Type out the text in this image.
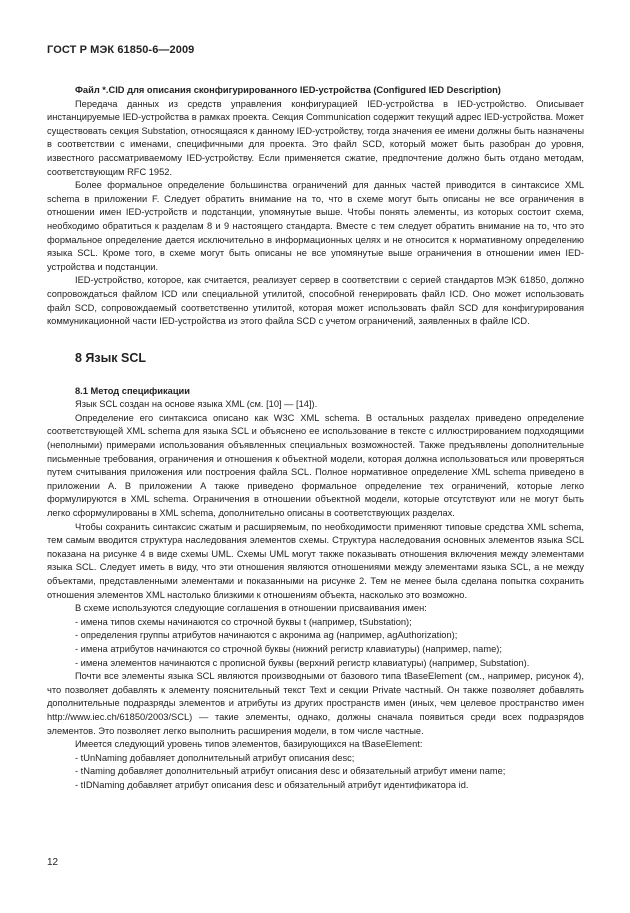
ГОСТ Р МЭК 61850-6—2009

Файл *.CID для описания сконфигурированного IED-устройства (Configured IED Description)

Передача данных из средств управления конфигурацией IED-устройства в IED-устройство. Описывает инстанцируемые IED-устройства в рамках проекта. Секция Communication содержит текущий адрес IED-устройства. Может существовать секция Substation, относящаяся к данному IED-устройству, тогда значения ее имени должны быть назначены в соответствии с именами, специфичными для проекта. Это файл SCD, который может быть разобран до уровня, известного рассматриваемому IED-устройству. Если применяется сжатие, предпочтение должно быть отдано методам, соответствующим RFC 1952.

Более формальное определение большинства ограничений для данных частей приводится в синтаксисе XML schema в приложении F. Следует обратить внимание на то, что в схеме могут быть описаны не все ограничения в отношении имен IED-устройств и подстанции, упомянутые выше. Чтобы понять элементы, из которых состоит схема, необходимо обратиться к разделам 8 и 9 настоящего стандарта. Вместе с тем следует обратить внимание на то, что это формальное определение дается исключительно в информационных целях и не относится к нормативному определению языка SCL. Кроме того, в схеме могут быть описаны не все упомянутые выше ограничения в отношении имен IED-устройства и подстанции.

IED-устройство, которое, как считается, реализует сервер в соответствии с серией стандартов МЭК 61850, должно сопровождаться файлом ICD или специальной утилитой, способной генерировать файл ICD. Оно может использовать файл SCD, сопровождаемый соответственно утилитой, которая может использовать файл SCD для конфигурирования коммуникационной части IED-устройства из этого файла SCD с учетом ограничений, заявленных в файле ICD.

8 Язык SCL

8.1 Метод спецификации

Язык SCL создан на основе языка XML (см. [10] — [14]).

Определение его синтаксиса описано как W3C XML schema. В остальных разделах приведено определение соответствующей XML schema для языка SCL и объяснено ее использование в тексте с иллюстрированием подходящими (неполными) примерами использования объявленных специальных возможностей. Также предъявлены дополнительные письменные требования, ограничения и отношения к объектной модели, которая должна использоваться или проверяться путем считывания приложения или построения файла SCL. Полное нормативное определение XML schema приведено в приложении А. В приложении А также приведено формальное определение тех ограничений, которые легко формулируются в XML schema. Ограничения в отношении объектной модели, которые отсутствуют или не могут быть легко сформулированы в XML schema, дополнительно описаны в соответствующих разделах.

Чтобы сохранить синтаксис сжатым и расширяемым, по необходимости применяют типовые средства XML schema, тем самым вводится структура наследования элементов схемы. Структура наследования основных элементов языка SCL показана на рисунке 4 в виде схемы UML. Схемы UML могут также показывать отношения включения между элементами языка SCL. Следует иметь в виду, что эти отношения являются отношениями между элементами языка SCL, а не между объектами, представленными элементами и показанными на рисунке 2. Тем не менее была сделана попытка сохранить отношения элементов XML настолько близкими к отношениям объекта, насколько это возможно.

В схеме используются следующие соглашения в отношении присваивания имен:

- имена типов схемы начинаются со строчной буквы t (например, tSubstation);

- определения группы атрибутов начинаются с акронима ag (например, agAuthorization);

- имена атрибутов начинаются со строчной буквы (нижний регистр клавиатуры) (например, name);

- имена элементов начинаются с прописной буквы (верхний регистр клавиатуры) (например, Substation).

Почти все элементы языка SCL являются производными от базового типа tBaseElement (см., например, рисунок 4), что позволяет добавлять к элементу пояснительный текст Text и секции Private частный. Он также позволяет добавлять дополнительные подразряды элементов и атрибуты из других пространств имен (иных, чем целевое пространство имен http://www.iec.ch/61850/2003/SCL) — такие элементы, однако, должны сначала появиться среди всех подразрядов элементов. Это позволяет легко выполнить расширения модели, в том числе частные.

Имеется следующий уровень типов элементов, базирующихся на tBaseElement:

- tUnNaming добавляет дополнительный атрибут описания desc;

- tNaming добавляет дополнительный атрибут описания desc и обязательный атрибут имени name;

- tIDNaming добавляет атрибут описания desc и обязательный атрибут идентификатора id.

12
